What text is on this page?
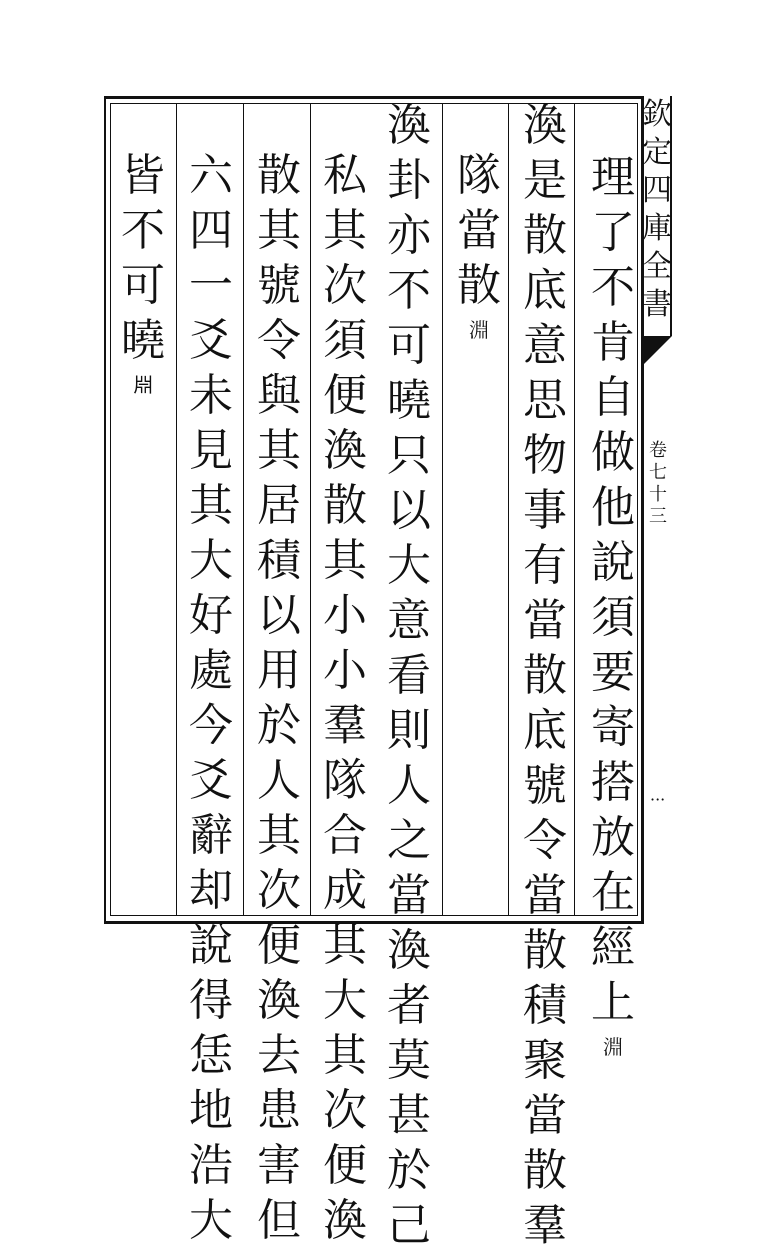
理
了
不
肯
自
做
他
說
須
要
寄
搭
放
在
經
上
淵
渙
是
散
底
意
思
物
事
有
當
散
底
號
令
當
散
積
聚
當
散
羣
隊
當
散
淵
渙
卦
亦
不
可
曉
只
以
大
意
看
則
人
之
當
渙
者
莫
甚
於
己
私
其
次
須
便
渙
散
其
小
小
羣
隊
合
成
其
大
其
次
便
渙
散
其
號
令
與
其
居
積
以
用
於
人
其
次
便
渙
去
患
害
但
六
四
一
爻
未
見
其
大
好
處
今
爻
辭
却
說
得
恁
地
浩
大
皆
不
可
曉
𣶒
欽
定
四
庫
全
書
卷
七
十
三
···
